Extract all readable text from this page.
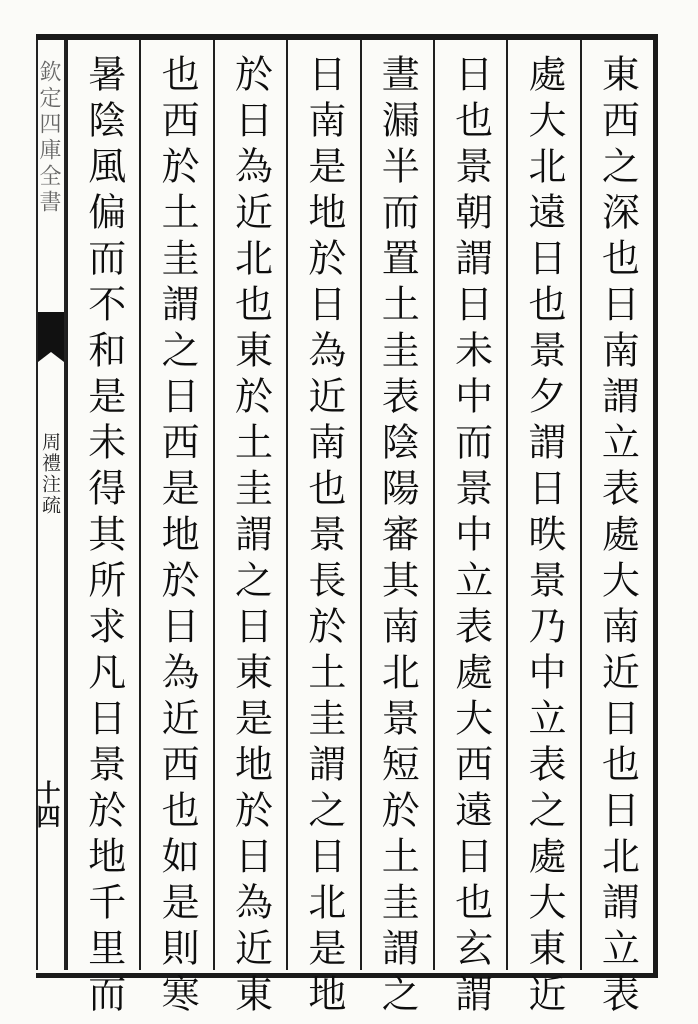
欽定四庫全書
周禮注疏
十四	東西之深也日南謂立表處大南近日也日北謂立表
處大北遠日也景夕謂日昳景乃中立表之處大東近
日也景朝謂日未中而景中立表處大西遠日也玄謂
晝漏半而置土圭表陰陽審其南北景短於土圭謂之
日南是地於日為近南也景長於土圭謂之日北是地
於日為近北也東於土圭謂之日東是地於日為近東
也西於土圭謂之日西是地於日為近西也如是則寒
暑陰風偏而不和是未得其所求凡日景於地千里而
